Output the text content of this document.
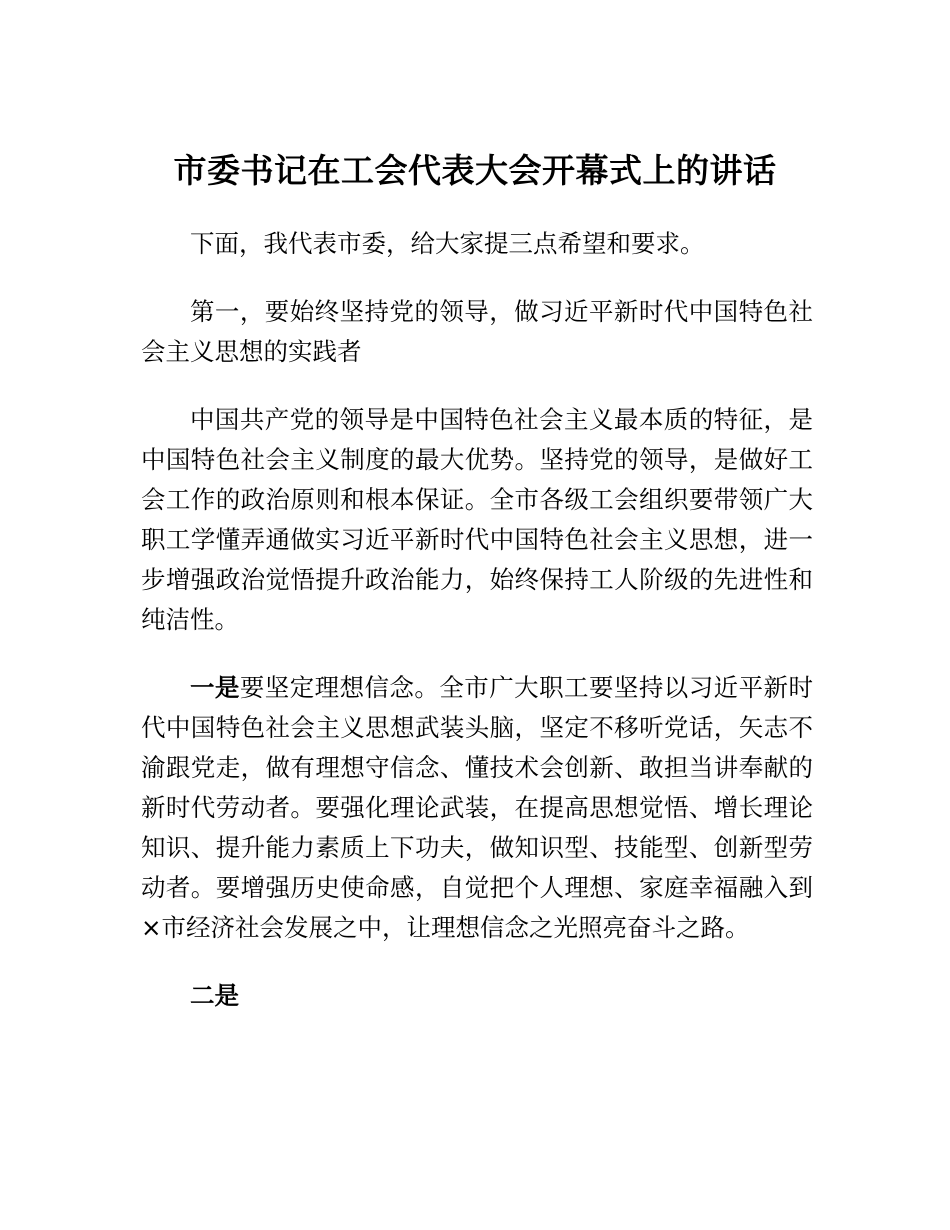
市委书记在工会代表大会开幕式上的讲话

下面，我代表市委，给大家提三点希望和要求。

第一，要始终坚持党的领导，做习近平新时代中国特色社会主义思想的实践者

中国共产党的领导是中国特色社会主义最本质的特征，是中国特色社会主义制度的最大优势。坚持党的领导，是做好工会工作的政治原则和根本保证。全市各级工会组织要带领广大职工学懂弄通做实习近平新时代中国特色社会主义思想，进一步增强政治觉悟提升政治能力，始终保持工人阶级的先进性和纯洁性。

一是要坚定理想信念。全市广大职工要坚持以习近平新时代中国特色社会主义思想武装头脑，坚定不移听党话，矢志不渝跟党走，做有理想守信念、懂技术会创新、敢担当讲奉献的新时代劳动者。要强化理论武装，在提高思想觉悟、增长理论知识、提升能力素质上下功夫，做知识型、技能型、创新型劳动者。要增强历史使命感，自觉把个人理想、家庭幸福融入到×市经济社会发展之中，让理想信念之光照亮奋斗之路。

二是
